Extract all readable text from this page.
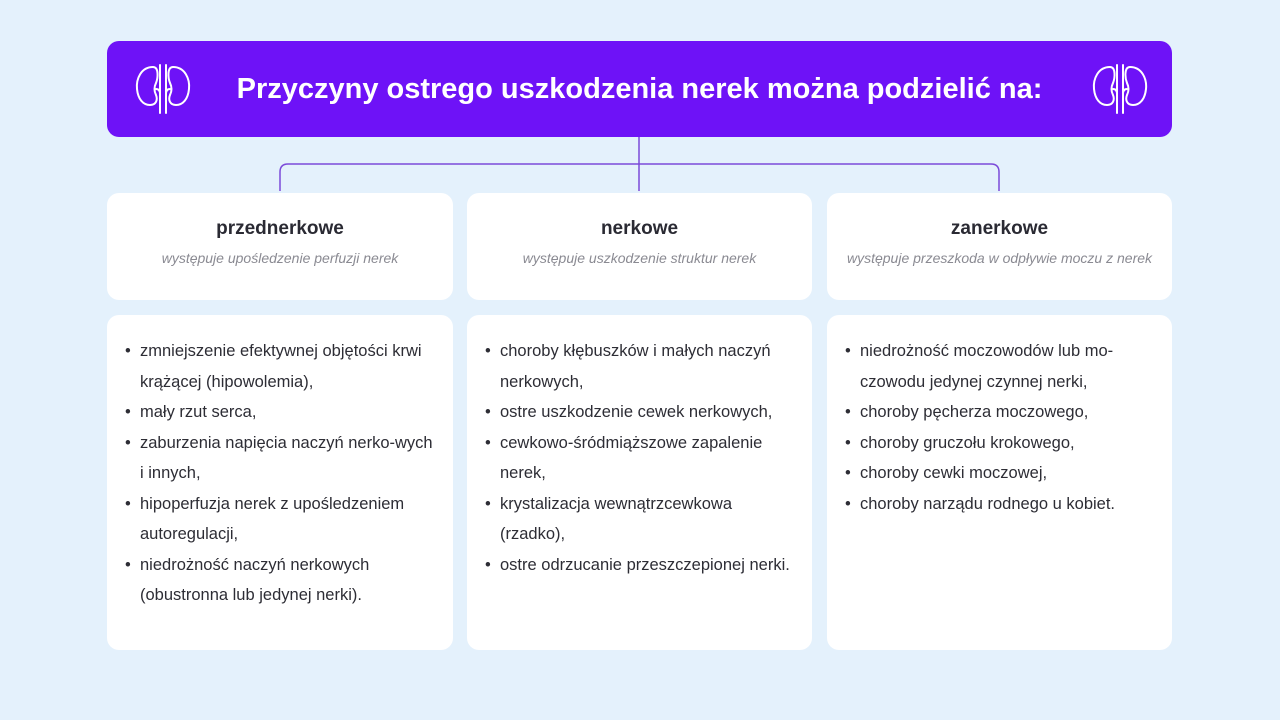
Przyczyny ostrego uszkodzenia nerek można podzielić na:
przednerkowe
występuje upośledzenie perfuzji nerek
nerkowe
występuje uszkodzenie struktur nerek
zanerkowe
występuje przeszkoda w odpływie moczu z nerek
• zmniejszenie efektywnej objętości krwi krążącej (hipowolemia),
• mały rzut serca,
• zaburzenia napięcia naczyń nerko-wych i innych,
• hipoperfuzja nerek z upośledzeniem autoregulacji,
• niedrożność naczyń nerkowych (obustronna lub jedynej nerki).
• choroby kłębuszków i małych naczyń nerkowych,
• ostre uszkodzenie cewek nerkowych,
• cewkowo-śródmiąższowe zapalenie nerek,
• krystalizacja wewnątrzcewkowa (rzadko),
• ostre odrzucanie przeszczepionej nerki.
• niedrożność moczowodów lub mo-czowodu jedynej czynnej nerki,
• choroby pęcherza moczowego,
• choroby gruczołu krokowego,
• choroby cewki moczowej,
• choroby narządu rodnego u kobiet.
